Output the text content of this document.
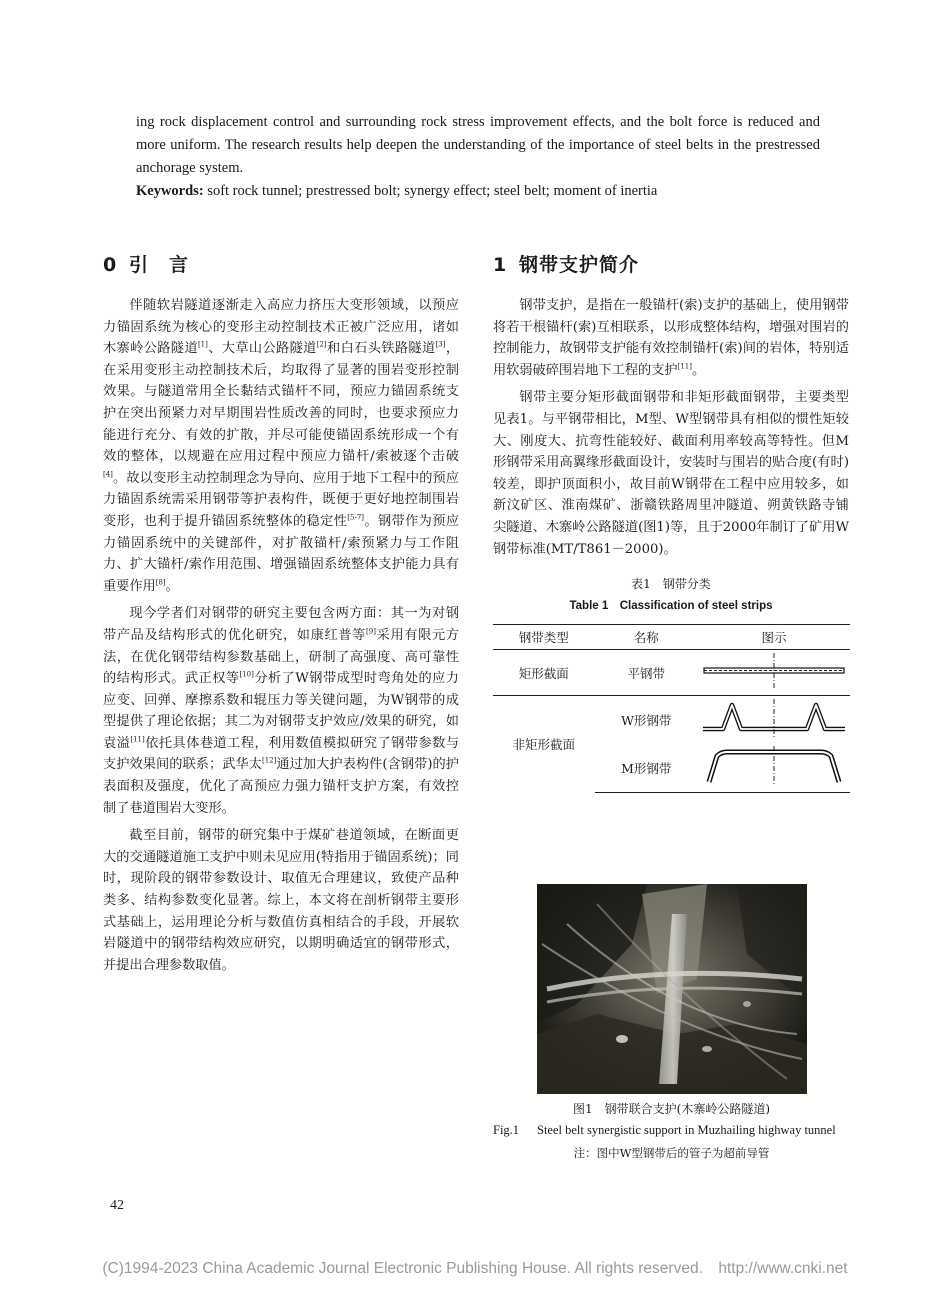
ing rock displacement control and surrounding rock stress improvement effects, and the bolt force is reduced and more uniform. The research results help deepen the understanding of the importance of steel belts in the prestressed anchorage system.

Keywords: soft rock tunnel; prestressed bolt; synergy effect; steel belt; moment of inertia

0 引　言

伴随软岩隧道逐渐走入高应力挤压大变形领域，以预应力锚固系统为核心的变形主动控制技术正被广泛应用，诸如木寨岭公路隧道[1]、大草山公路隧道[2]和白石头铁路隧道[3]，在采用变形主动控制技术后，均取得了显著的围岩变形控制效果。与隧道常用全长黏结式锚杆不同，预应力锚固系统支护在突出预紧力对早期围岩性质改善的同时，也要求预应力能进行充分、有效的扩散，并尽可能使锚固系统形成一个有效的整体，以规避在应用过程中预应力锚杆/索被逐个击破[4]。故以变形主动控制理念为导向、应用于地下工程中的预应力锚固系统需采用钢带等护表构件，既便于更好地控制围岩变形，也利于提升锚固系统整体的稳定性[5-7]。钢带作为预应力锚固系统中的关键部件，对扩散锚杆/索预紧力与工作阻力、扩大锚杆/索作用范围、增强锚固系统整体支护能力具有重要作用[8]。

现今学者们对钢带的研究主要包含两方面：其一为对钢带产品及结构形式的优化研究，如康红普等[9]采用有限元方法，在优化钢带结构参数基础上，研制了高强度、高可靠性的结构形式。武正权等[10]分析了W钢带成型时弯角处的应力应变、回弹、摩擦系数和辊压力等关键问题，为W钢带的成型提供了理论依据；其二为对钢带支护效应/效果的研究，如袁溢[11]依托具体巷道工程，利用数值模拟研究了钢带参数与支护效果间的联系；武华太[12]通过加大护表构件(含钢带)的护表面积及强度，优化了高预应力强力锚杆支护方案，有效控制了巷道围岩大变形。

截至目前，钢带的研究集中于煤矿巷道领域，在断面更大的交通隧道施工支护中则未见应用(特指用于锚固系统)；同时，现阶段的钢带参数设计、取值无合理建议，致使产品种类多、结构参数变化显著。综上，本文将在剖析钢带主要形式基础上，运用理论分析与数值仿真相结合的手段，开展软岩隧道中的钢带结构效应研究，以期明确适宜的钢带形式，并提出合理参数取值。

1 钢带支护简介

钢带支护，是指在一般锚杆(索)支护的基础上，使用钢带将若干根锚杆(索)互相联系，以形成整体结构，增强对围岩的控制能力，故钢带支护能有效控制锚杆(索)间的岩体，特别适用软弱破碎围岩地下工程的支护[11]。

钢带主要分矩形截面钢带和非矩形截面钢带，主要类型见表1。与平钢带相比，M型、W型钢带具有相似的惯性矩较大、刚度大、抗弯性能较好、截面利用率较高等特性。但M形钢带采用高翼缘形截面设计，安装时与围岩的贴合度(有时)较差，即护顶面积小，故目前W钢带在工程中应用较多，如新汶矿区、淮南煤矿、浙赣铁路周里冲隧道、朔黄铁路寺铺尖隧道、木寨岭公路隧道(图1)等，且于2000年制订了矿用W钢带标准(MT/T861－2000)。

表1　钢带分类
Table 1　Classification of steel strips
钢带类型	名称	图示
矩形截面	平钢带	
非矩形截面	W形钢带	
	M形钢带	
图1　钢带联合支护(木寨岭公路隧道)
Fig.1	Steel belt synergistic support in Muzhailing highway tunnel
注：图中W型钢带后的管子为超前导管
42
(C)1994-2023 China Academic Journal Electronic Publishing House. All rights reserved.　http://www.cnki.net
